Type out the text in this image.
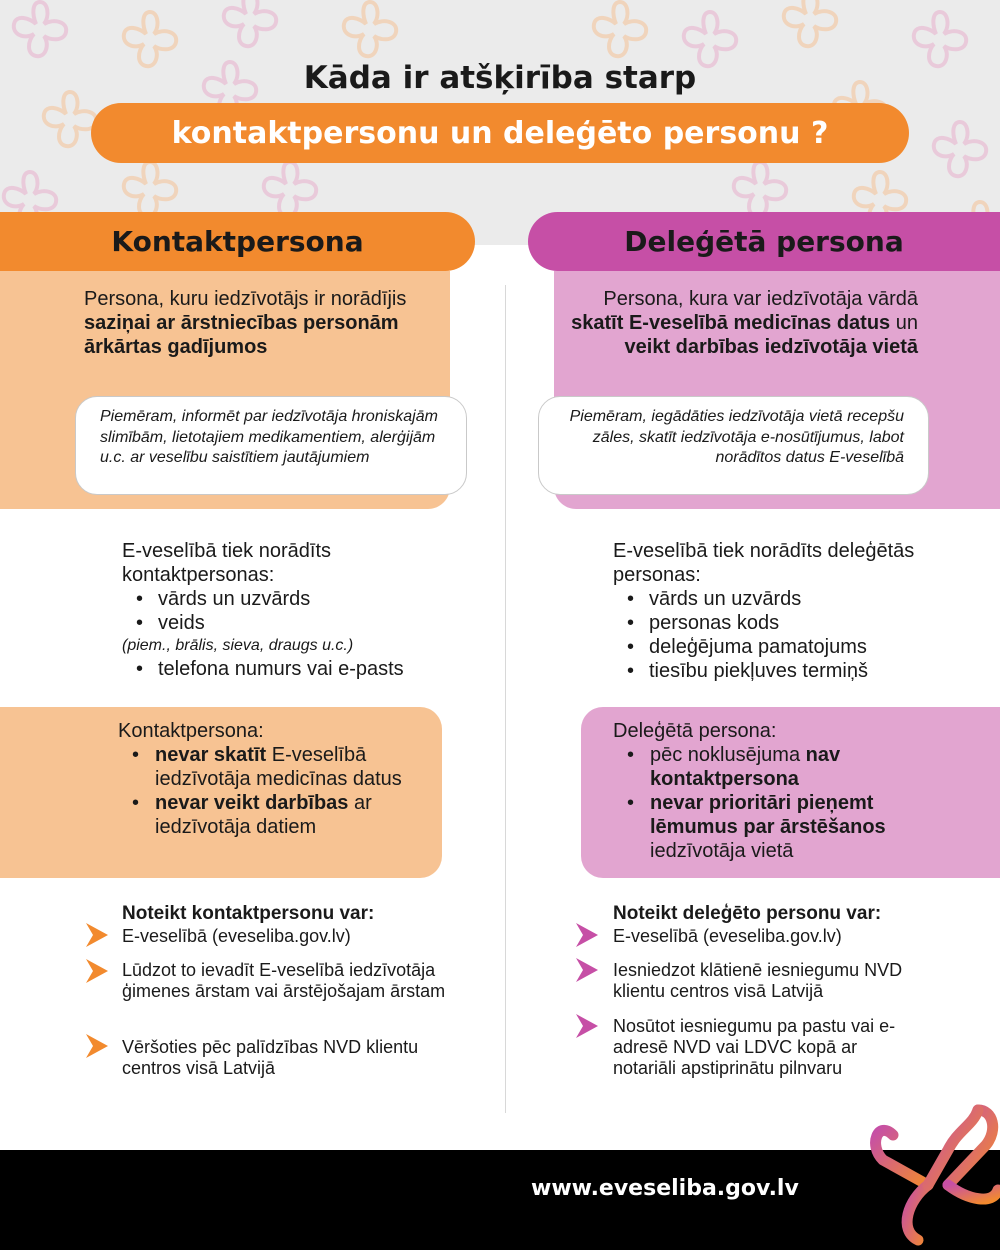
Kāda ir atšķirība starp
kontaktpersonu un deleģēto personu ?
Kontaktpersona	Deleģētā persona
Persona, kuru iedzīvotājs ir norādījis saziņai ar ārstniecības personām ārkārtas gadījumos
Persona, kura var iedzīvotāja vārdā skatīt E-veselībā medicīnas datus un veikt darbības iedzīvotāja vietā
Piemēram, informēt par iedzīvotāja hroniskajām slimībām, lietotajiem medikamentiem, alerģijām u.c. ar veselību saistītiem jautājumiem
Piemēram, iegādāties iedzīvotāja vietā recepšu zāles, skatīt iedzīvotāja e-nosūtījumus, labot norādītos datus E-veselībā
E-veselībā tiek norādīts kontaktpersonas:
• vārds un uzvārds
• veids
(piem., brālis, sieva, draugs u.c.)
• telefona numurs vai e-pasts
E-veselībā tiek norādīts deleģētās personas:
• vārds un uzvārds
• personas kods
• deleģējuma pamatojums
• tiesību piekļuves termiņš
Kontaktpersona:
• nevar skatīt E-veselībā iedzīvotāja medicīnas datus
• nevar veikt darbības ar iedzīvotāja datiem
Deleģētā persona:
• pēc noklusējuma nav kontaktpersona
• nevar prioritāri pieņemt lēmumus par ārstēšanos iedzīvotāja vietā
Noteikt kontaktpersonu var:	Noteikt deleģēto personu var:
E-veselībā (eveseliba.gov.lv)
Lūdzot to ievadīt E-veselībā iedzīvotāja ģimenes ārstam vai ārstējošajam ārstam
Vēršoties pēc palīdzības NVD klientu centros visā Latvijā
E-veselībā (eveseliba.gov.lv)
Iesniedzot klātienē iesniegumu NVD klientu centros visā Latvijā
Nosūtot iesniegumu pa pastu vai e-adresē NVD vai LDVC kopā ar notariāli apstiprinātu pilnvaru
www.eveseliba.gov.lv
